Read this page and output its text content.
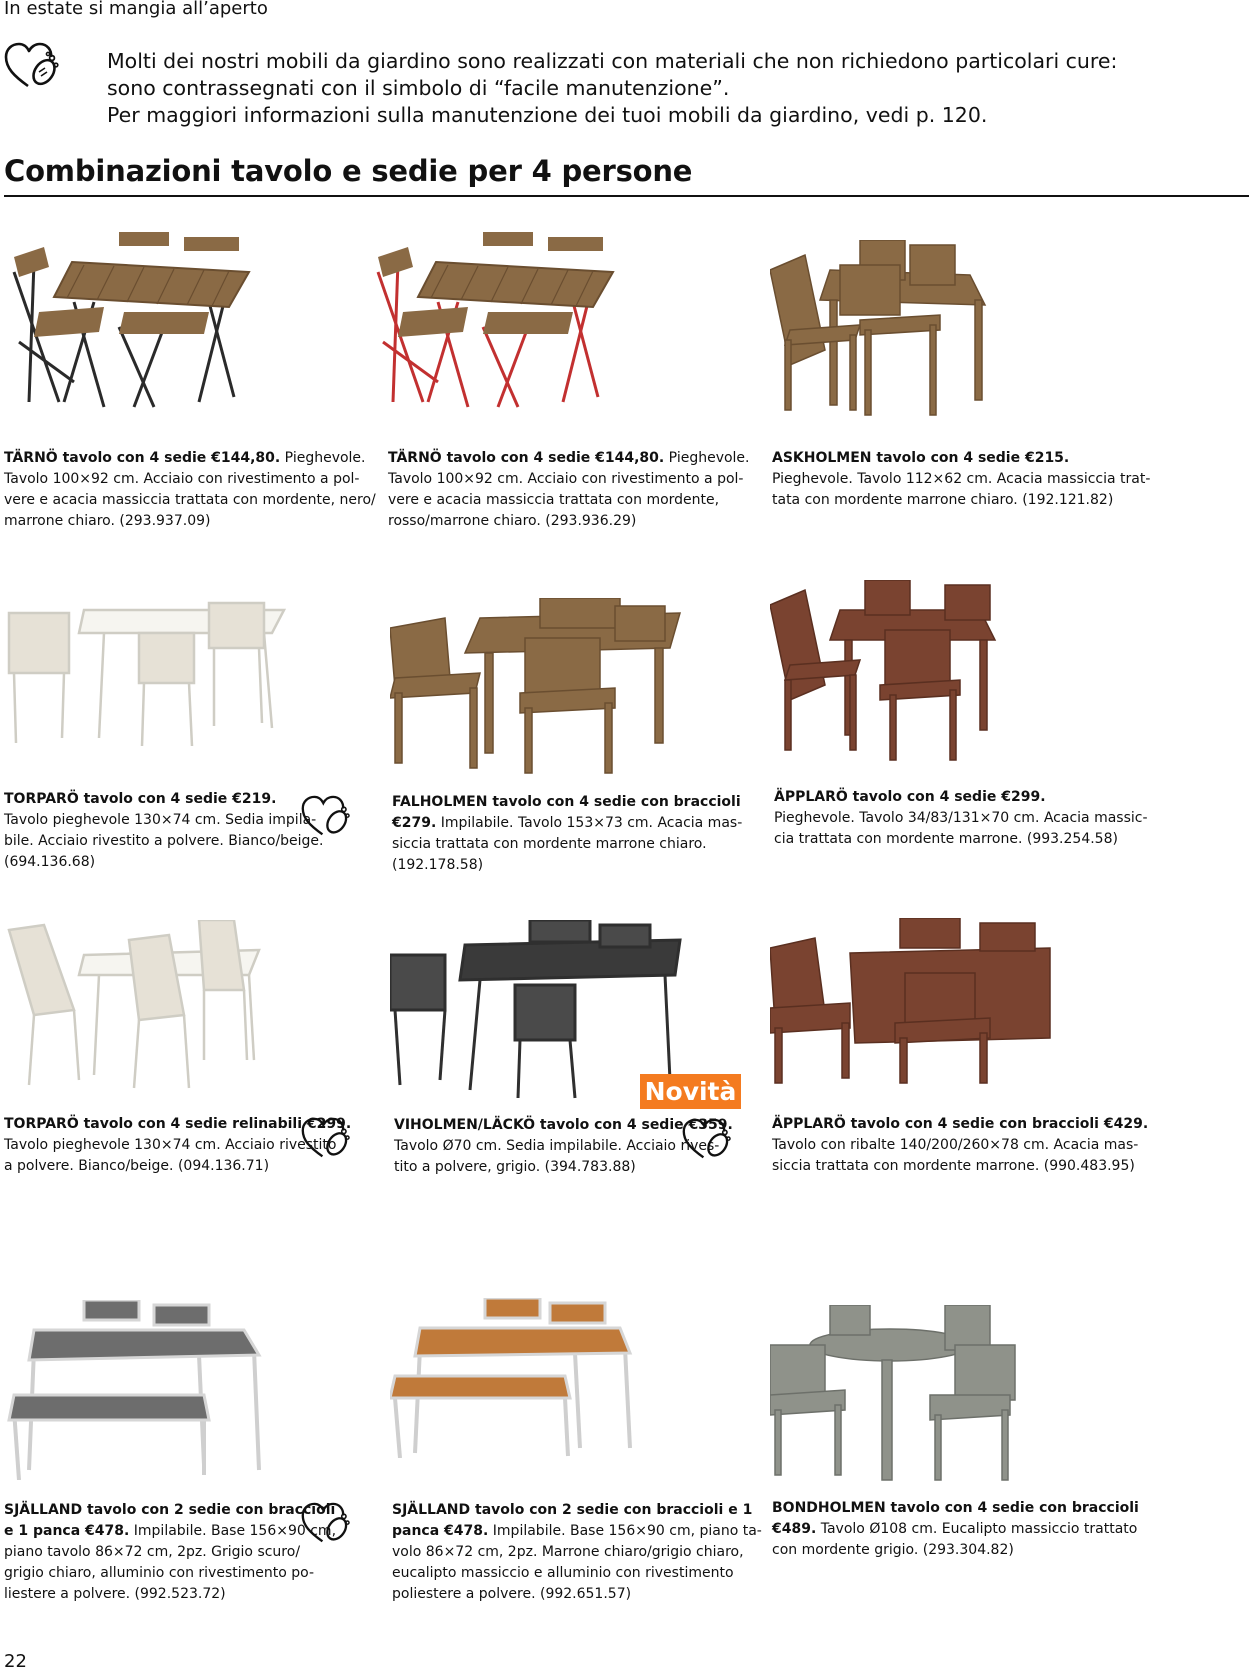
In estate si mangia all’aperto

Molti dei nostri mobili da giardino sono realizzati con materiali che non richiedono particolari cure:

sono contrassegnati con il simbolo di “facile manutenzione”.

Per maggiori informazioni sulla manutenzione dei tuoi mobili da giardino, vedi p. 120.

Combinazioni tavolo e sedie per 4 persone
TÄRNÖ tavolo con 4 sedie €144,80. Pieghevole.
Tavolo 100×92 cm. Acciaio con rivestimento a pol-
vere e acacia massiccia trattata con mordente, nero/
marrone chiaro. (293.937.09)
TÄRNÖ tavolo con 4 sedie €144,80. Pieghevole.
Tavolo 100×92 cm. Acciaio con rivestimento a pol-
vere e acacia massiccia trattata con mordente,
rosso/marrone chiaro. (293.936.29)
ASKHOLMEN tavolo con 4 sedie €215.
Pieghevole. Tavolo 112×62 cm. Acacia massiccia trat-
tata con mordente marrone chiaro. (192.121.82)
TORPARÖ tavolo con 4 sedie €219.
Tavolo pieghevole 130×74 cm. Sedia impila-
bile. Acciaio rivestito a polvere. Bianco/beige.
(694.136.68)
FALHOLMEN tavolo con 4 sedie con braccioli
€279. Impilabile. Tavolo 153×73 cm. Acacia mas-
siccia trattata con mordente marrone chiaro.
(192.178.58)
ÄPPLARÖ tavolo con 4 sedie €299.
Pieghevole. Tavolo 34/83/131×70 cm. Acacia massic-
cia trattata con mordente marrone. (993.254.58)
Novità
TORPARÖ tavolo con 4 sedie relinabili €299.
Tavolo pieghevole 130×74 cm. Acciaio rivestito
a polvere. Bianco/beige. (094.136.71)
VIHOLMEN/LÄCKÖ tavolo con 4 sedie €359.
Tavolo Ø70 cm. Sedia impilabile. Acciaio rives-
tito a polvere, grigio. (394.783.88)
ÄPPLARÖ tavolo con 4 sedie con braccioli €429.
Tavolo con ribalte 140/200/260×78 cm. Acacia mas-
siccia trattata con mordente marrone. (990.483.95)
SJÄLLAND tavolo con 2 sedie con braccioli
e 1 panca €478. Impilabile. Base 156×90 cm,
piano tavolo 86×72 cm, 2pz. Grigio scuro/
grigio chiaro, alluminio con rivestimento po-
liestere a polvere. (992.523.72)
SJÄLLAND tavolo con 2 sedie con braccioli e 1
panca €478. Impilabile. Base 156×90 cm, piano ta-
volo 86×72 cm, 2pz. Marrone chiaro/grigio chiaro,
eucalipto massiccio e alluminio con rivestimento
poliestere a polvere. (992.651.57)
BONDHOLMEN tavolo con 4 sedie con braccioli
€489. Tavolo Ø108 cm. Eucalipto massiccio trattato
con mordente grigio. (293.304.82)
22
